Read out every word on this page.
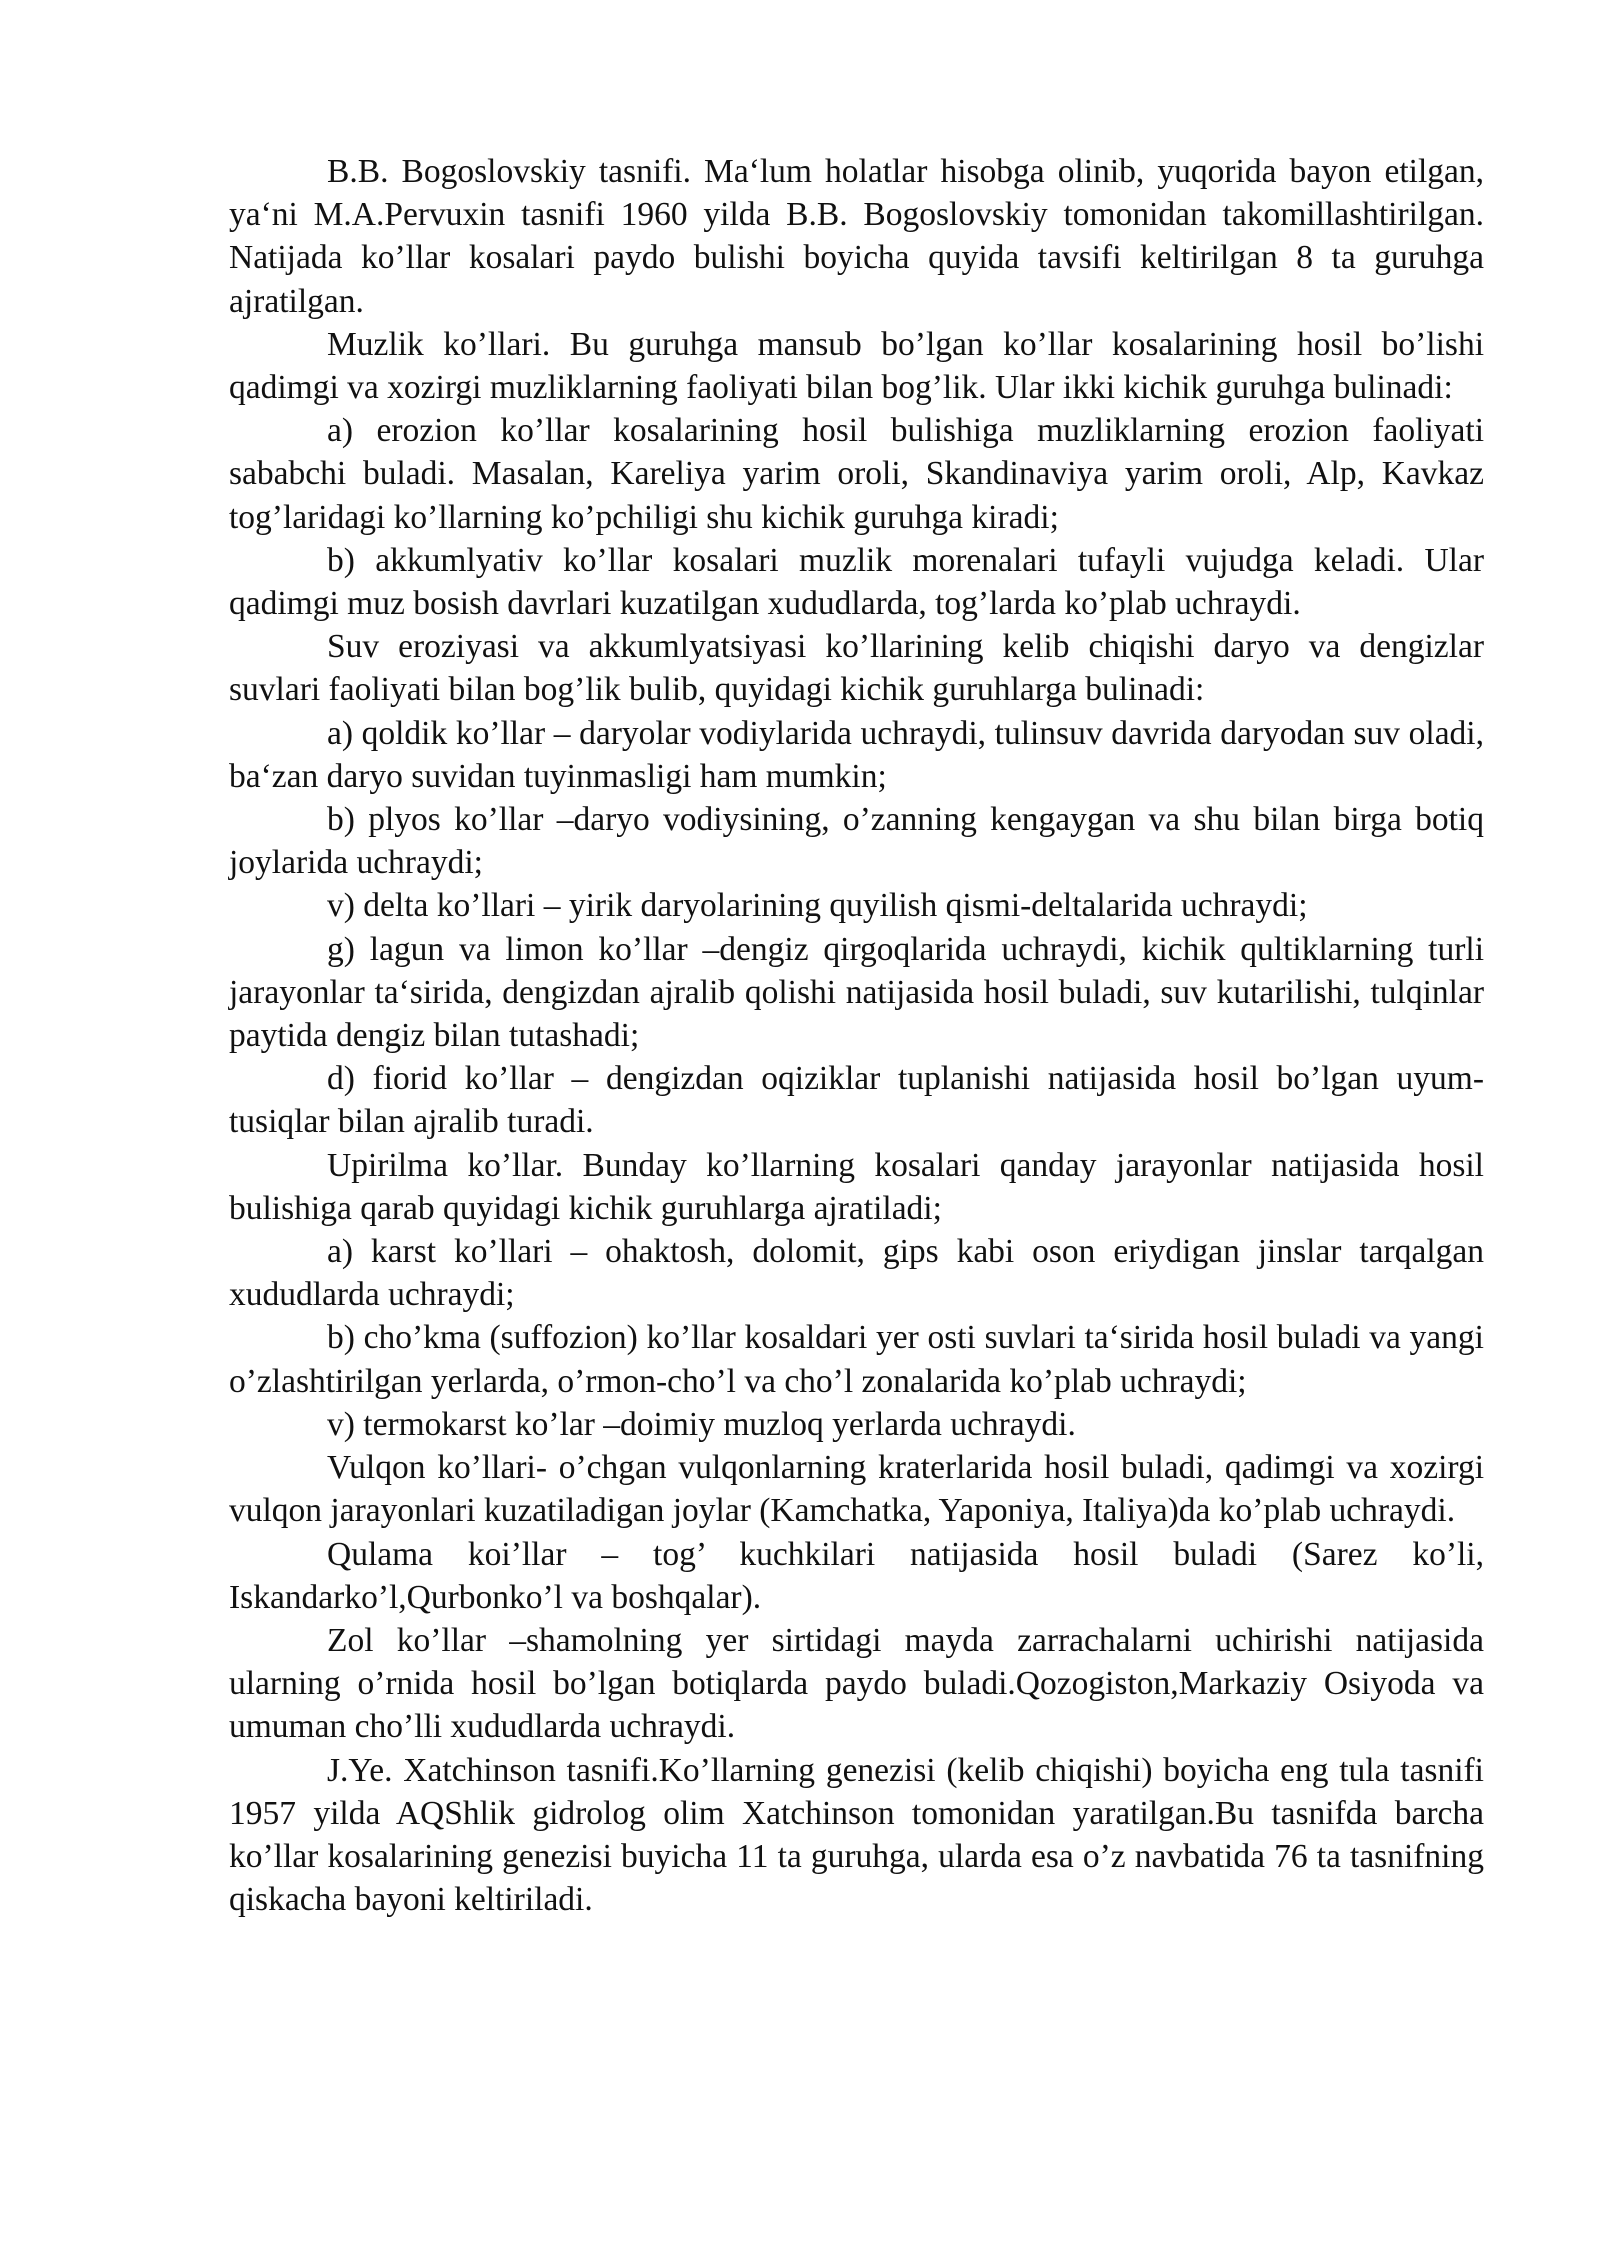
B.B. Bogoslovskiy tasnifi. Ma‘lum holatlar hisobga olinib, yuqorida bayon etilgan, ya‘ni M.A.Pervuxin tasnifi 1960 yilda B.B. Bogoslovskiy tomonidan takomillashtirilgan. Natijada ko’llar kosalari paydo bulishi boyicha quyida tavsifi keltirilgan 8 ta guruhga ajratilgan.

Muzlik ko’llari. Bu guruhga mansub bo’lgan ko’llar kosalarining hosil bo’lishi qadimgi va xozirgi muzliklarning faoliyati bilan bog’lik. Ular ikki kichik guruhga bulinadi:

a) erozion ko’llar kosalarining hosil bulishiga muzliklarning erozion faoliyati sababchi buladi. Masalan, Kareliya yarim oroli, Skandinaviya yarim oroli, Alp, Kavkaz tog’laridagi ko’llarning ko’pchiligi shu kichik guruhga kiradi;

b) akkumlyativ ko’llar kosalari muzlik morenalari tufayli vujudga keladi. Ular qadimgi muz bosish davrlari kuzatilgan xududlarda, tog’larda ko’plab uchraydi.

Suv eroziyasi va akkumlyatsiyasi ko’llarining kelib chiqishi daryo va dengizlar suvlari faoliyati bilan bog’lik bulib, quyidagi kichik guruhlarga bulinadi:

a) qoldik ko’llar – daryolar vodiylarida uchraydi, tulinsuv davrida daryodan suv oladi, ba‘zan daryo suvidan tuyinmasligi ham mumkin;

b) plyos ko’llar –daryo vodiysining, o’zanning kengaygan va shu bilan birga botiq joylarida uchraydi;

v) delta ko’llari – yirik daryolarining quyilish qismi-deltalarida uchraydi;

g) lagun va limon ko’llar –dengiz qirgoqlarida uchraydi, kichik qultiklarning turli jarayonlar ta‘sirida, dengizdan ajralib qolishi natijasida hosil buladi, suv kutarilishi, tulqinlar paytida dengiz bilan tutashadi;

d) fiorid ko’llar – dengizdan oqiziklar tuplanishi natijasida hosil bo’lgan uyum-tusiqlar bilan ajralib turadi.

Upirilma ko’llar. Bunday ko’llarning kosalari qanday jarayonlar natijasida hosil bulishiga qarab quyidagi kichik guruhlarga ajratiladi;

a) karst ko’llari – ohaktosh, dolomit, gips kabi oson eriydigan jinslar tarqalgan xududlarda uchraydi;

b) cho’kma (suffozion) ko’llar kosaldari yer osti suvlari ta‘sirida hosil buladi va yangi o’zlashtirilgan yerlarda, o’rmon-cho’l va cho’l zonalarida ko’plab uchraydi;

v) termokarst ko’lar –doimiy muzloq yerlarda uchraydi.

Vulqon ko’llari- o’chgan vulqonlarning kraterlarida hosil buladi, qadimgi va xozirgi vulqon jarayonlari kuzatiladigan joylar (Kamchatka, Yaponiya, Italiya)da ko’plab uchraydi.

Qulama koi’llar – tog’ kuchkilari natijasida hosil buladi (Sarez ko’li, Iskandarko’l,Qurbonko’l va boshqalar).

Zol ko’llar –shamolning yer sirtidagi mayda zarrachalarni uchirishi natijasida ularning o’rnida hosil bo’lgan botiqlarda paydo buladi.Qozogiston,Markaziy Osiyoda va umuman cho’lli xududlarda uchraydi.

J.Ye. Xatchinson tasnifi.Ko’llarning genezisi (kelib chiqishi) boyicha eng tula tasnifi 1957 yilda AQShlik gidrolog olim Xatchinson tomonidan yaratilgan.Bu tasnifda barcha ko’llar kosalarining genezisi buyicha 11 ta guruhga, ularda esa o’z navbatida 76 ta tasnifning qiskacha bayoni keltiriladi.
